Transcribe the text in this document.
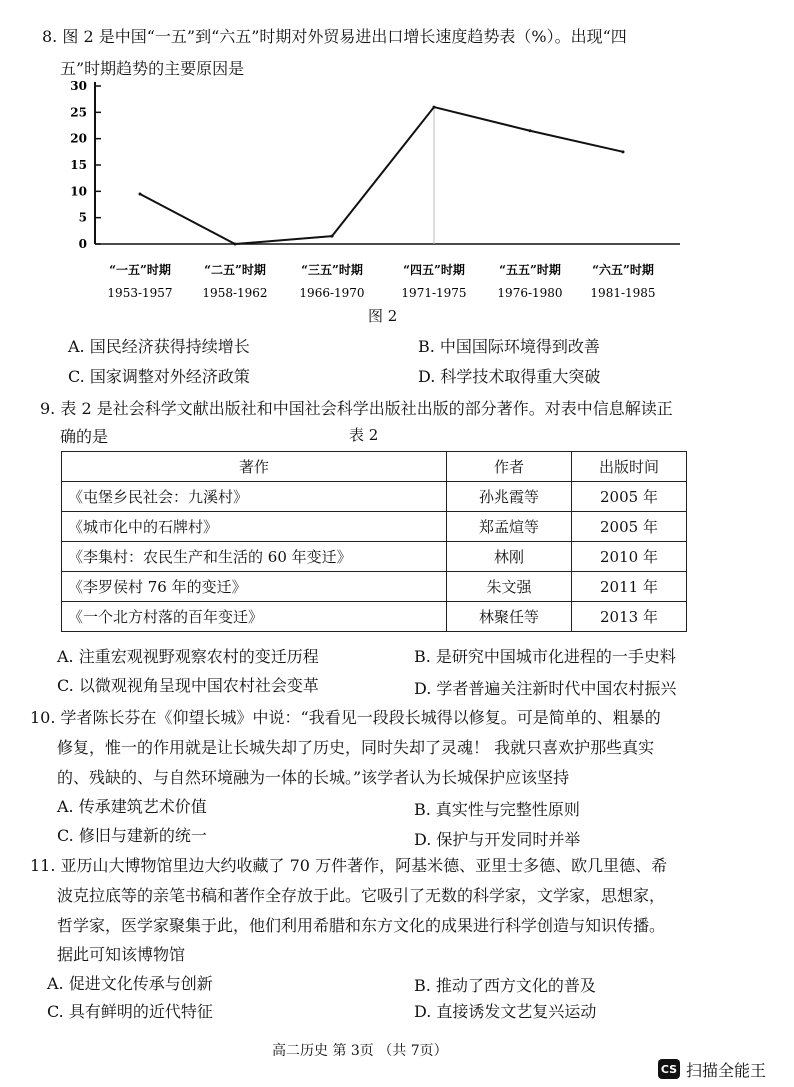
8. 图 2 是中国“一五”到“六五”时期对外贸易进出口增长速度趋势表（%）。出现“四
五”时期趋势的主要原因是
0
5
10
15
20
25
30
“一五”时期
1953-1957
“二五”时期
1958-1962
“三五”时期
1966-1970
“四五”时期
1971-1975
“五五”时期
1976-1980
“六五”时期
1981-1985
图 2
A. 国民经济获得持续增长	B. 中国国际环境得到改善
C. 国家调整对外经济政策	D. 科学技术取得重大突破
9. 表 2 是社会科学文献出版社和中国社会科学出版社出版的部分著作。对表中信息解读正
确的是	表 2
著作	作者	出版时间
《屯堡乡民社会：九溪村》	孙兆霞等	2005 年
《城市化中的石牌村》	郑孟煊等	2005 年
《李集村：农民生产和生活的 60 年变迁》	林刚	2010 年
《李罗侯村 76 年的变迁》	朱文强	2011 年
《一个北方村落的百年变迁》	林聚任等	2013 年
A. 注重宏观视野观察农村的变迁历程	B. 是研究中国城市化进程的一手史料
C. 以微观视角呈现中国农村社会变革	D. 学者普遍关注新时代中国农村振兴
10. 学者陈长芬在《仰望长城》中说：“我看见一段段长城得以修复。可是简单的、粗暴的
修复，惟一的作用就是让长城失却了历史，同时失却了灵魂！ 我就只喜欢护那些真实
的、残缺的、与自然环境融为一体的长城。”该学者认为长城保护应该坚持
A. 传承建筑艺术价值	B. 真实性与完整性原则
C. 修旧与建新的统一	D. 保护与开发同时并举
11. 亚历山大博物馆里边大约收藏了 70 万件著作，阿基米德、亚里士多德、欧几里德、希
波克拉底等的亲笔书稿和著作全存放于此。它吸引了无数的科学家，文学家，思想家，
哲学家，医学家聚集于此，他们利用希腊和东方文化的成果进行科学创造与知识传播。
据此可知该博物馆
A. 促进文化传承与创新	B. 推动了西方文化的普及
C. 具有鲜明的近代特征	D. 直接诱发文艺复兴运动
高二历史 第 3页 （共 7页）
CS 扫描全能王
